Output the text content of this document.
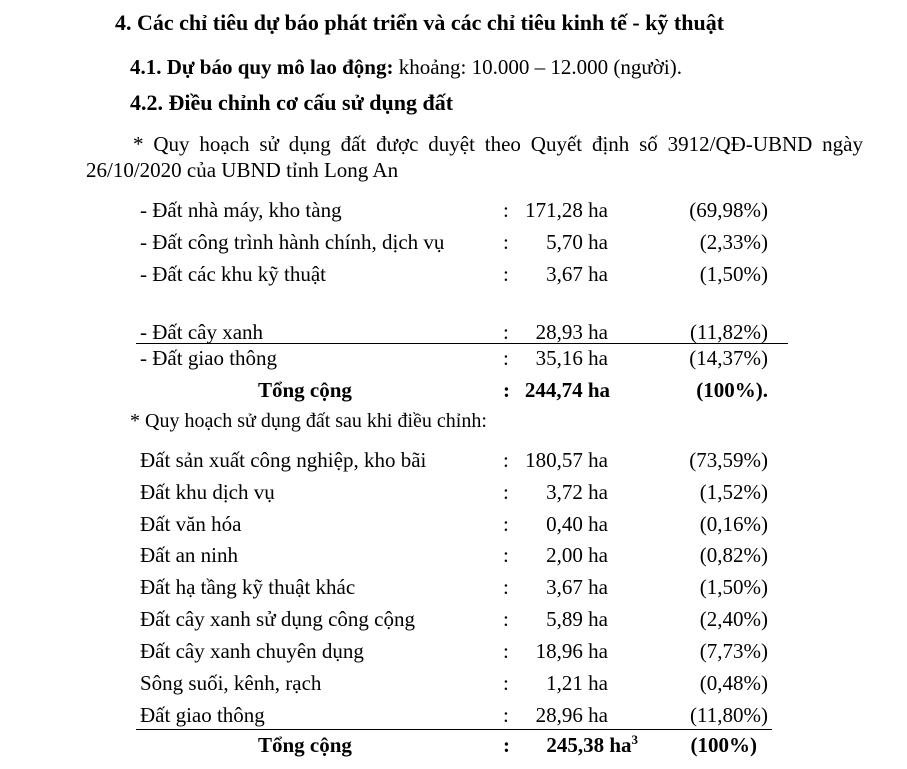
4. Các chỉ tiêu dự báo phát triển và các chỉ tiêu kinh tế - kỹ thuật
4.1. Dự báo quy mô lao động: khoảng: 10.000 – 12.000 (người).
4.2. Điều chỉnh cơ cấu sử dụng đất
* Quy hoạch sử dụng đất được duyệt theo Quyết định số 3912/QĐ-UBND ngày
26/10/2020 của UBND tỉnh Long An
- Đất nhà máy, kho tàng	: 171,28 ha	(69,98%)
- Đất công trình hành chính, dịch vụ	:	5,70 ha	(2,33%)
- Đất các khu kỹ thuật	:	3,67 ha	(1,50%)
- Đất cây xanh	:	28,93 ha	(11,82%)
- Đất giao thông	:	35,16 ha	(14,37%)
Tổng cộng	: 244,74 ha	(100%).
* Quy hoạch sử dụng đất sau khi điều chỉnh:
Đất sản xuất công nghiệp, kho bãi	: 180,57 ha	(73,59%)
Đất khu dịch vụ	:	3,72 ha	(1,52%)
Đất văn hóa	:	0,40 ha	(0,16%)
Đất an ninh	:	2,00 ha	(0,82%)
Đất hạ tầng kỹ thuật khác	:	3,67 ha	(1,50%)
Đất cây xanh sử dụng công cộng	:	5,89 ha	(2,40%)
Đất cây xanh chuyên dụng	:	18,96 ha	(7,73%)
Sông suối, kênh, rạch	:	1,21 ha	(0,48%)
Đất giao thông	:	28,96 ha	(11,80%)
Tổng cộng	:	245,38 $ha^3$	(100%)
